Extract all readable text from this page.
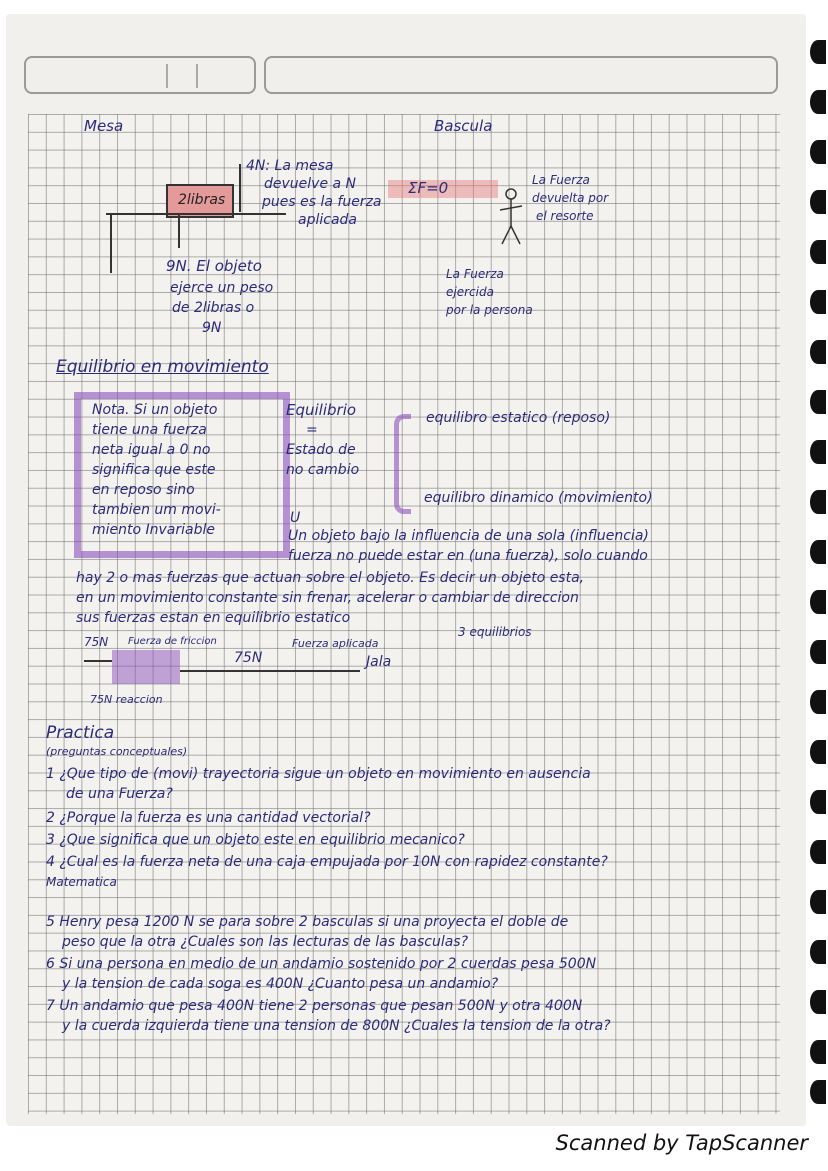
Mesa	Bascula
2libras
4N: La mesa
devuelve a N
pues es la fuerza
aplicada
9N. El objeto
ejerce un peso
de 2libras o
9N
ΣF=0	La Fuerza
devuelta por
el resorte
La Fuerza
ejercida
por la persona
Equilibrio en movimiento
Nota. Si un objeto
tiene una fuerza
neta igual a 0 no
significa que este
en reposo sino
tambien um movi-
miento Invariable
Equilibrio
=
Estado de
no cambio
equilibro estatico (reposo)
equilibro dinamico (movimiento)
U
Un objeto bajo la influencia de una sola (influencia)
fuerza no puede estar en (una fuerza), solo cuando
hay 2 o mas fuerzas que actuan sobre el objeto. Es decir un objeto esta,
en un movimiento constante sin frenar, acelerar o cambiar de direccion
sus fuerzas estan en equilibrio estatico
3 equilibrios
75N Fuerza de friccion
75N
Fuerza aplicada
Jala
75N reaccion
Practica
(preguntas conceptuales)
1 ¿Que tipo de (movi) trayectoria sigue un objeto en movimiento en ausencia
de una Fuerza?
2 ¿Porque la fuerza es una cantidad vectorial?
3 ¿Que significa que un objeto este en equilibrio mecanico?
4 ¿Cual es la fuerza neta de una caja empujada por 10N con rapidez constante?
Matematica
5 Henry pesa 1200 N se para sobre 2 basculas si una proyecta el doble de
peso que la otra ¿Cuales son las lecturas de las basculas?
6 Si una persona en medio de un andamio sostenido por 2 cuerdas pesa 500N
y la tension de cada soga es 400N ¿Cuanto pesa un andamio?
7 Un andamio que pesa 400N tiene 2 personas que pesan 500N y otra 400N
y la cuerda izquierda tiene una tension de 800N ¿Cuales la tension de la otra?
Scanned by TapScanner
